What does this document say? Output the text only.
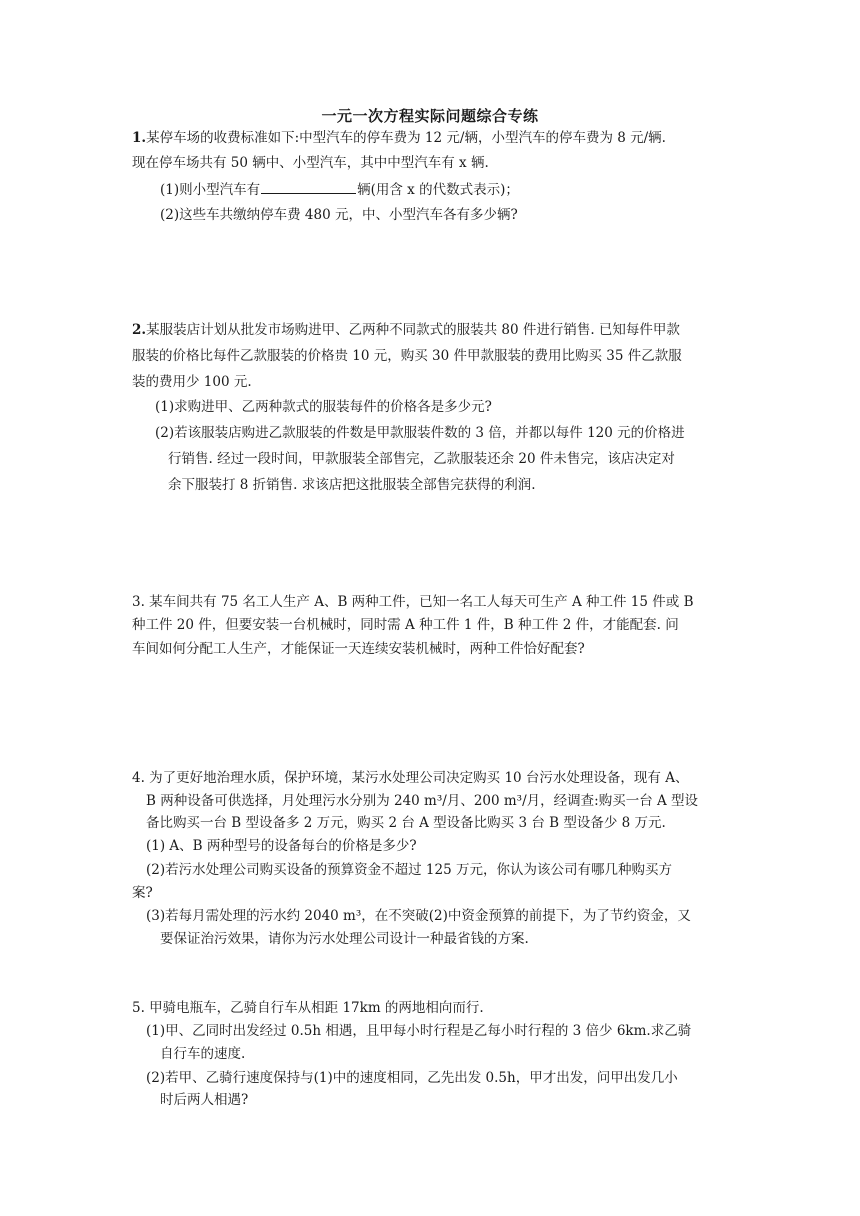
一元一次方程实际问题综合专练
1.某停车场的收费标准如下:中型汽车的停车费为 12 元/辆，小型汽车的停车费为 8 元/辆.
现在停车场共有 50 辆中、小型汽车，其中中型汽车有 x 辆.
(1)则小型汽车有	辆(用含 x 的代数式表示)；
(2)这些车共缴纳停车费 480 元，中、小型汽车各有多少辆?
2.某服装店计划从批发市场购进甲、乙两种不同款式的服装共 80 件进行销售. 已知每件甲款
服装的价格比每件乙款服装的价格贵 10 元，购买 30 件甲款服装的费用比购买 35 件乙款服
装的费用少 100 元.
(1)求购进甲、乙两种款式的服装每件的价格各是多少元?
(2)若该服装店购进乙款服装的件数是甲款服装件数的 3 倍，并都以每件 120 元的价格进
行销售. 经过一段时间，甲款服装全部售完，乙款服装还余 20 件未售完，该店决定对
余下服装打 8 折销售. 求该店把这批服装全部售完获得的利润.
3. 某车间共有 75 名工人生产 A、B 两种工件，已知一名工人每天可生产 A 种工件 15 件或 B
种工件 20 件，但要安装一台机械时，同时需 A 种工件 1 件，B 种工件 2 件，才能配套. 问
车间如何分配工人生产，才能保证一天连续安装机械时，两种工件恰好配套?
4. 为了更好地治理水质，保护环境，某污水处理公司决定购买 10 台污水处理设备，现有 A、
B 两种设备可供选择，月处理污水分别为 240 m³/月、200 m³/月，经调查:购买一台 A 型设
备比购买一台 B 型设备多 2 万元，购买 2 台 A 型设备比购买 3 台 B 型设备少 8 万元.
(1) A、B 两种型号的设备每台的价格是多少?
(2)若污水处理公司购买设备的预算资金不超过 125 万元，你认为该公司有哪几种购买方
案?
(3)若每月需处理的污水约 2040 m³，在不突破(2)中资金预算的前提下，为了节约资金，又
要保证治污效果，请你为污水处理公司设计一种最省钱的方案.
5. 甲骑电瓶车，乙骑自行车从相距 17km 的两地相向而行.
(1)甲、乙同时出发经过 0.5h 相遇，且甲每小时行程是乙每小时行程的 3 倍少 6km.求乙骑
自行车的速度.
(2)若甲、乙骑行速度保持与(1)中的速度相同，乙先出发 0.5h，甲才出发，问甲出发几小
时后两人相遇?
